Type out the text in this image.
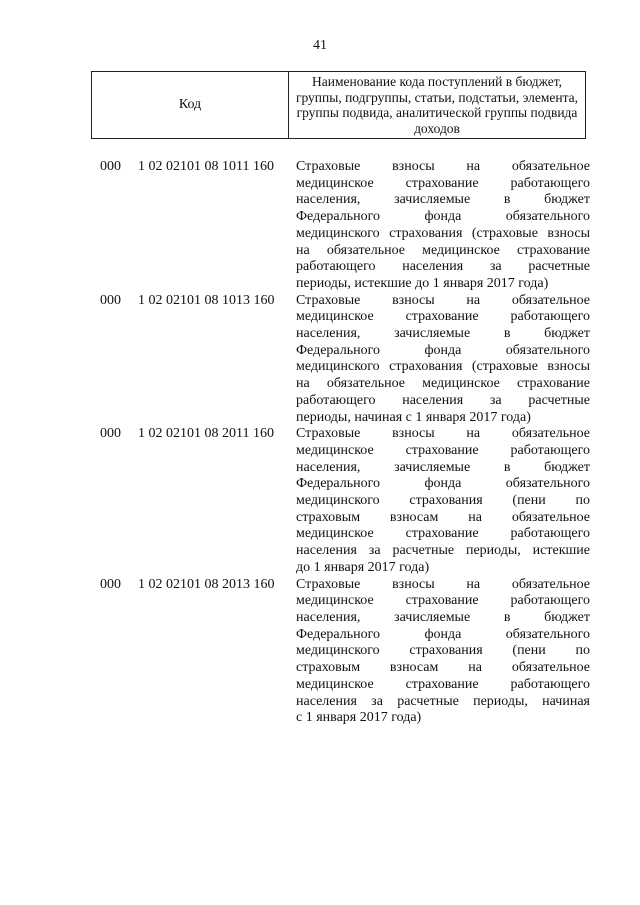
41
Код
Наименование кода поступлений в бюджет, группы, подгруппы, статьи, подстатьи, элемента, группы подвида, аналитической группы подвида доходов
000	1 02 02101 08 1011 160	Страховые взносы на обязательное
медицинское страхование работающего
населения, зачисляемые в бюджет
Федерального фонда обязательного
медицинского страхования (страховые взносы
на обязательное медицинское страхование
работающего населения за расчетные
периоды, истекшие до 1 января 2017 года)
000	1 02 02101 08 1013 160	Страховые взносы на обязательное
медицинское страхование работающего
населения, зачисляемые в бюджет
Федерального фонда обязательного
медицинского страхования (страховые взносы
на обязательное медицинское страхование
работающего населения за расчетные
периоды, начиная с 1 января 2017 года)
000	1 02 02101 08 2011 160	Страховые взносы на обязательное
медицинское страхование работающего
населения, зачисляемые в бюджет
Федерального фонда обязательного
медицинского страхования (пени по
страховым взносам на обязательное
медицинское страхование работающего
населения за расчетные периоды, истекшие
до 1 января 2017 года)
000	1 02 02101 08 2013 160	Страховые взносы на обязательное
медицинское страхование работающего
населения, зачисляемые в бюджет
Федерального фонда обязательного
медицинского страхования (пени по
страховым взносам на обязательное
медицинское страхование работающего
населения за расчетные периоды, начиная
с 1 января 2017 года)
